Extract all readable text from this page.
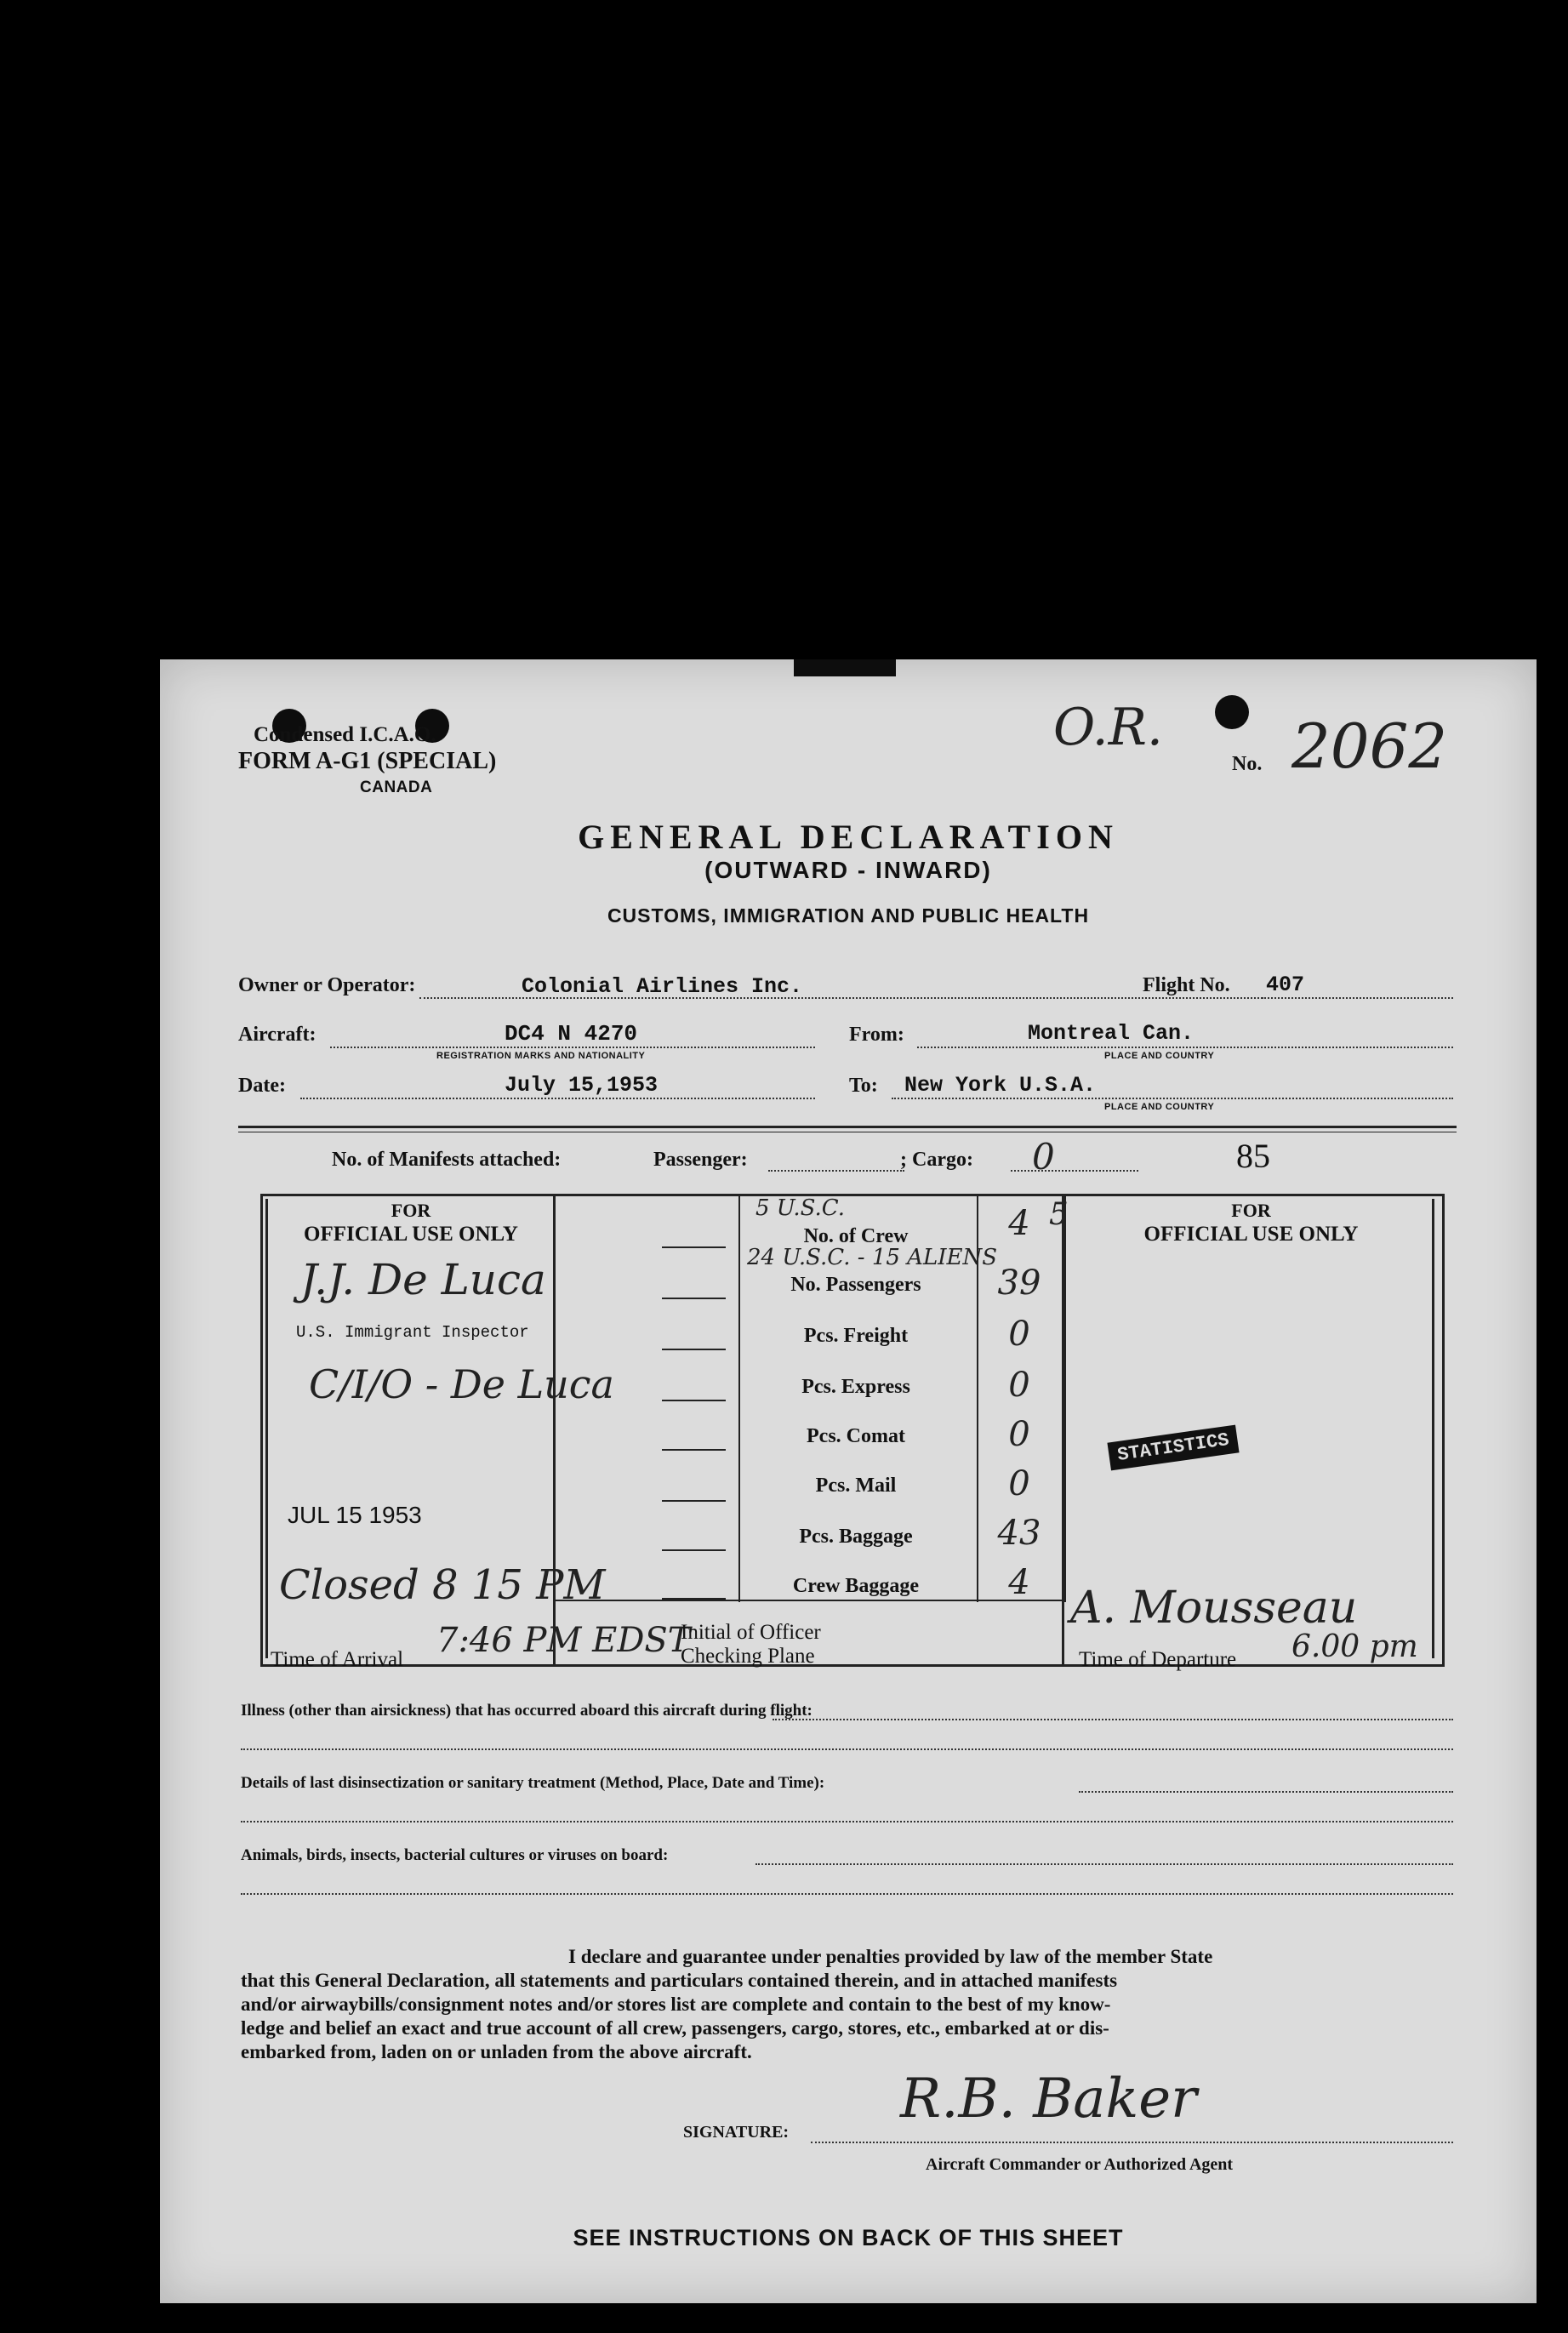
Condensed I.C.A.O.
FORM A-G1 (SPECIAL)
CANADA
O.R.
No. 2062
GENERAL DECLARATION
(OUTWARD - INWARD)
CUSTOMS, IMMIGRATION AND PUBLIC HEALTH
Owner or Operator:	Colonial Airlines Inc.	Flight No. 407
Aircraft:	DC4 N 4270
REGISTRATION MARKS AND NATIONALITY
From:	Montreal Can.
PLACE AND COUNTRY
Date:	July 15,1953	To: New York U.S.A.
PLACE AND COUNTRY
No. of Manifests attached:	Passenger:	; Cargo: 0	85
FOR
OFFICIAL USE ONLY
J.J. De Luca
U.S. Immigrant Inspector
C/I/O - De Luca
JUL 15 1953
Closed 8 15 PM
Time of Arrival 7:46 PM EDST
5 U.S.C.
No. of Crew	4 5
24 U.S.C. - 15 ALIENS
No. Passengers	39
Pcs. Freight	0
Pcs. Express	0
Pcs. Comat	0
Pcs. Mail	0
Pcs. Baggage	43
Crew Baggage	4
Initial of Officer
Checking Plane
FOR
OFFICIAL USE ONLY
STATISTICS
A. Mousseau
Time of Departure 6.00 pm
Illness (other than airsickness) that has occurred aboard this aircraft during flight:
Details of last disinsectization or sanitary treatment (Method, Place, Date and Time):
Animals, birds, insects, bacterial cultures or viruses on board:
I declare and guarantee under penalties provided by law of the member State
that this General Declaration, all statements and particulars contained therein, and in attached manifests
and/or airwaybills/consignment notes and/or stores list are complete and contain to the best of my know-
ledge and belief an exact and true account of all crew, passengers, cargo, stores, etc., embarked at or dis-
embarked from, laden on or unladen from the above aircraft.
SIGNATURE:
R.B. Baker
Aircraft Commander or Authorized Agent
SEE INSTRUCTIONS ON BACK OF THIS SHEET
